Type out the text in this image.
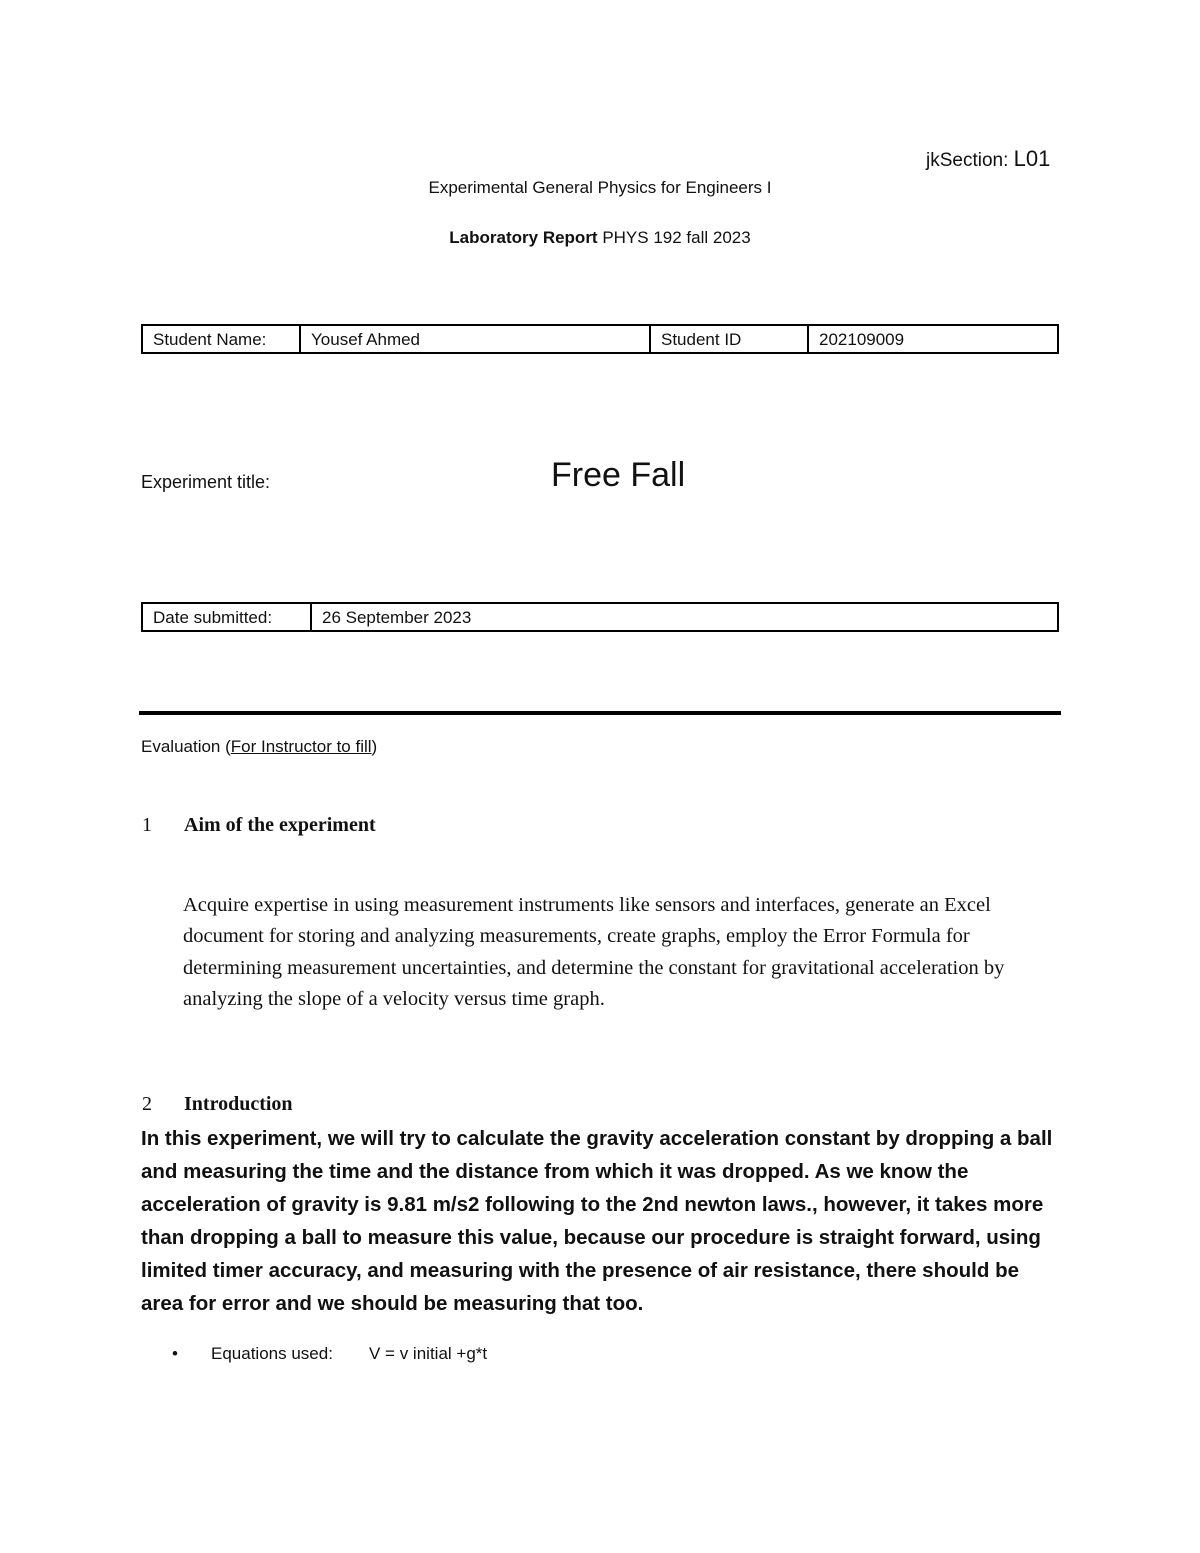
jkSection: L01
Experimental General Physics for Engineers I
Laboratory Report PHYS 192 fall 2023
Student Name:	Yousef Ahmed	Student ID	202109009
Experiment title:	Free Fall
Date submitted:	26 September 2023
Evaluation (For Instructor to fill)
1 Aim of the experiment
Acquire expertise in using measurement instruments like sensors and interfaces, generate an Excel document for storing and analyzing measurements, create graphs, employ the Error Formula for determining measurement uncertainties, and determine the constant for gravitational acceleration by analyzing the slope of a velocity versus time graph.
2 Introduction
In this experiment, we will try to calculate the gravity acceleration constant by dropping a ball and measuring the time and the distance from which it was dropped. As we know the acceleration of gravity is 9.81 m/s2 following to the 2nd newton laws., however, it takes more than dropping a ball to measure this value, because our procedure is straight forward, using limited timer accuracy, and measuring with the presence of air resistance, there should be area for error and we should be measuring that too.
• Equations used: V = v initial +g*t
